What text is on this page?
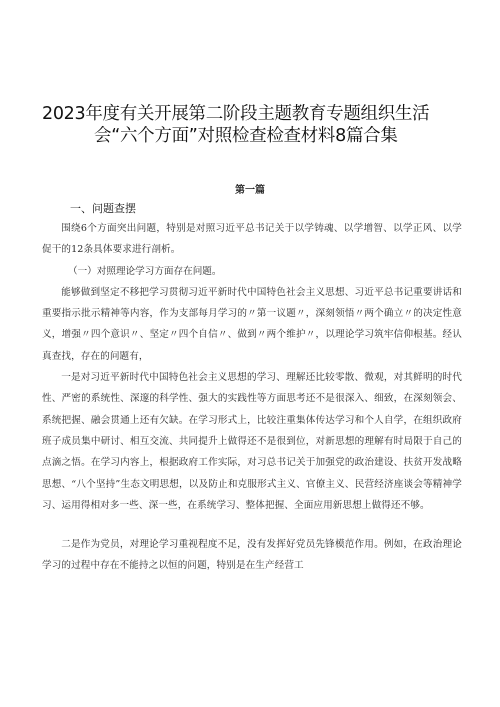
2023年度有关开展第二阶段主题教育专题组织生活
会“六个方面”对照检查检查材料8篇合集
第一篇
一、问题查摆

围绕6个方面突出问题，特别是对照习近平总书记关于以学铸魂、以学增智、以学正风、以学促干的12条具体要求进行剖析。

（一）对照理论学习方面存在问题。

能够做到坚定不移把学习贯彻习近平新时代中国特色社会主义思想、习近平总书记重要讲话和重要指示批示精神等内容，作为支部每月学习的〃第一议题〃，深刻领悟〃两个确立〃的决定性意义，增强〃四个意识〃、坚定〃四个自信〃、做到〃两个维护〃，以理论学习筑牢信仰根基。经认真查找，存在的问题有，

一是对习近平新时代中国特色社会主义思想的学习、理解还比较零散、微观，对其鲜明的时代性、严密的系统性、深邃的科学性、强大的实践性等方面思考还不是很深入、细致，在深刻领会、系统把握、融会贯通上还有欠缺。在学习形式上，比较注重集体传达学习和个人自学，在组织政府班子成员集中研讨、相互交流、共同提升上做得还不是很到位，对新思想的理解有时局限于自己的点滴之悟。在学习内容上，根据政府工作实际，对习总书记关于加强党的政治建设、扶贫开发战略思想、“八个坚持”生态文明思想，以及防止和克服形式主义、官僚主义、民营经济座谈会等精神学习、运用得相对多一些、深一些，在系统学习、整体把握、全面应用新思想上做得还不够。

二是作为党员，对理论学习重视程度不足，没有发挥好党员先锋模范作用。例如，在政治理论学习的过程中存在不能持之以恒的问题，特别是在生产经营工
